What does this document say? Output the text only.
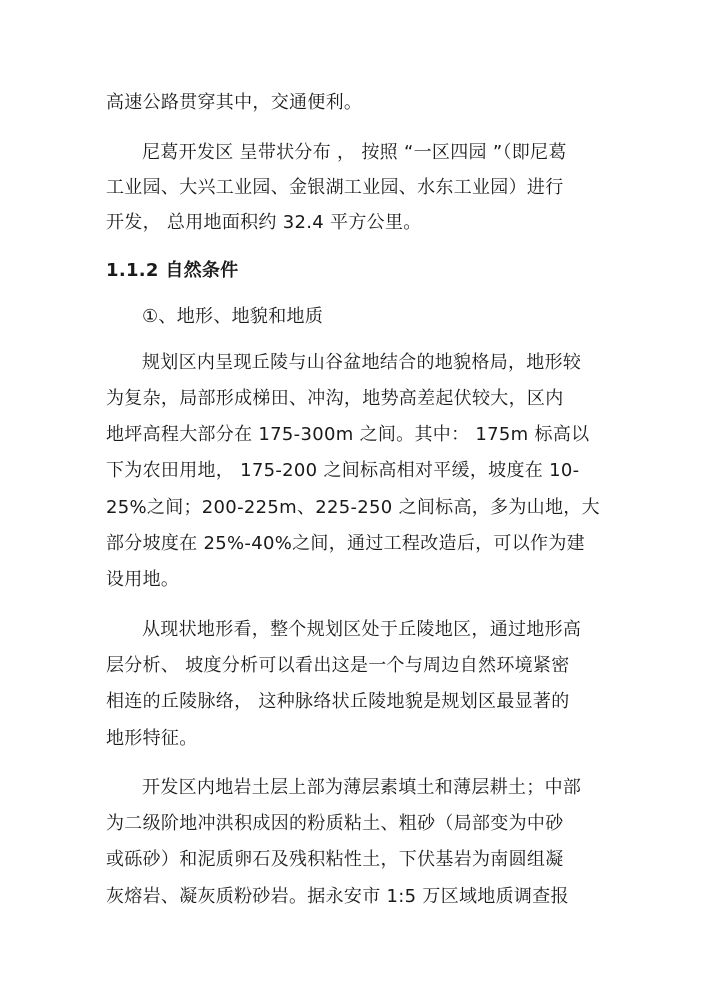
高速公路贯穿其中，交通便利。
尼葛开发区 呈带状分布 ， 按照 “一区四园 ”（即尼葛
工业园、大兴工业园、金银湖工业园、水东工业园）进行
开发， 总用地面积约 32.4 平方公里。
1.1.2 自然条件
①、地形、地貌和地质
规划区内呈现丘陵与山谷盆地结合的地貌格局，地形较
为复杂，局部形成梯田、冲沟，地势高差起伏较大，区内
地坪高程大部分在 175-300m 之间。其中： 175m 标高以
下为农田用地， 175-200 之间标高相对平缓，坡度在 10-
25%之间；200-225m、225-250 之间标高，多为山地，大
部分坡度在 25%-40%之间，通过工程改造后，可以作为建
设用地。
从现状地形看，整个规划区处于丘陵地区，通过地形高
层分析、 坡度分析可以看出这是一个与周边自然环境紧密
相连的丘陵脉络， 这种脉络状丘陵地貌是规划区最显著的
地形特征。
开发区内地岩土层上部为薄层素填土和薄层耕土；中部
为二级阶地冲洪积成因的粉质粘土、粗砂（局部变为中砂
或砾砂）和泥质卵石及残积粘性土，下伏基岩为南圆组凝
灰熔岩、凝灰质粉砂岩。据永安市 1:5 万区域地质调查报
